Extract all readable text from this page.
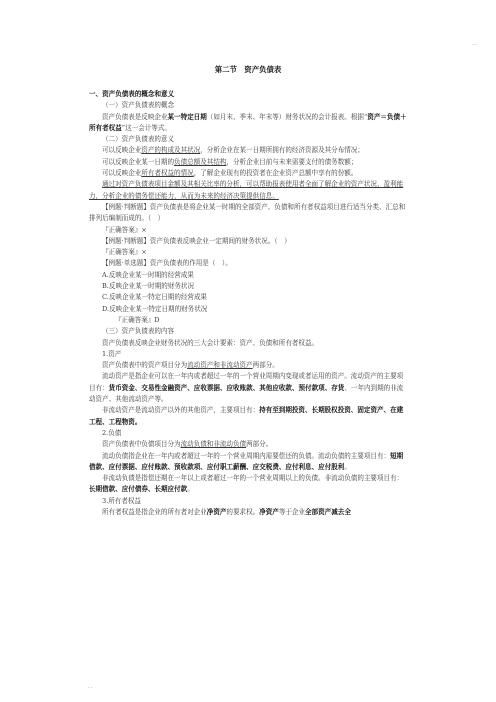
..
第二节　资产负债表

一、资产负债表的概念和意义

（一）资产负债表的概念

资产负债表是反映企业某一特定日期（如月末、季末、年末等）财务状况的会计报表。根据“资产＝负债＋所有者权益”这一会计等式。

（二）资产负债表的意义

可以反映企业资产的构成及其状况，分析企业在某一日期所拥有的经济资源及其分布情况；

可以反映企业某一日期的负债总额及其结构，分析企业目前与未来需要支付的债务数额；

可以反映企业所有者权益的情况，了解企业现有的投资者在企业资产总额中享有的份额。

通过对资产负债表项目金额及其相关比率的分析，可以帮助报表使用者全面了解企业的资产状况、盈利能力，分析企业的债务偿还能力，从而为未来的经济决策提供信息。

【例题·判断题】资产负债表是将企业某一时期的全部资产、负债和所有者权益项目进行适当分类、汇总和排列后编制而成的。（　）

『正确答案』×

【例题·判断题】资产负债表反映企业一定期间的财务状况。（　）

『正确答案』×

【例题·单选题】资产负债表的作用是（　）。

A.反映企业某一时期的经营成果

B.反映企业某一时期的财务状况

C.反映企业某一特定日期的经营成果

D.反映企业某一特定日期的财务状况

『正确答案』D

（三）资产负债表的内容

资产负债表反映企业财务状况的三大会计要素：资产、负债和所有者权益。

1.资产

资产负债表中的资产项目分为流动资产和非流动资产两部分。

流动资产是指企业可以在一年内或者超过一年的一个营业周期内变现或者运用的资产。流动资产的主要项目有：货币资金、交易性金融资产、应收票据、应收账款、其他应收款、预付款项、存货、一年内到期的非流动资产、其他流动资产等。

非流动资产是流动资产以外的其他资产，主要项目有：持有至到期投资、长期股权投资、固定资产、在建工程、工程物资。

2.负债

资产负债表中负债项目分为流动负债和非流动负债两部分。

流动负债指企业在一年内或者超过一年的一个营业周期内需要偿还的负债。流动负债的主要项目有：短期借款、应付票据、应付账款、预收款项、应付职工薪酬、应交税费、应付利息、应付股利。

非流动负债是指偿还期在一年以上或者超过一年的一个营业周期以上的负债。非流动负债的主要项目有：长期借款、应付债券、长期应付款。

3.所有者权益

所有者权益是指企业的所有者对企业净资产的要求权。净资产等于企业全部资产减去全

..
